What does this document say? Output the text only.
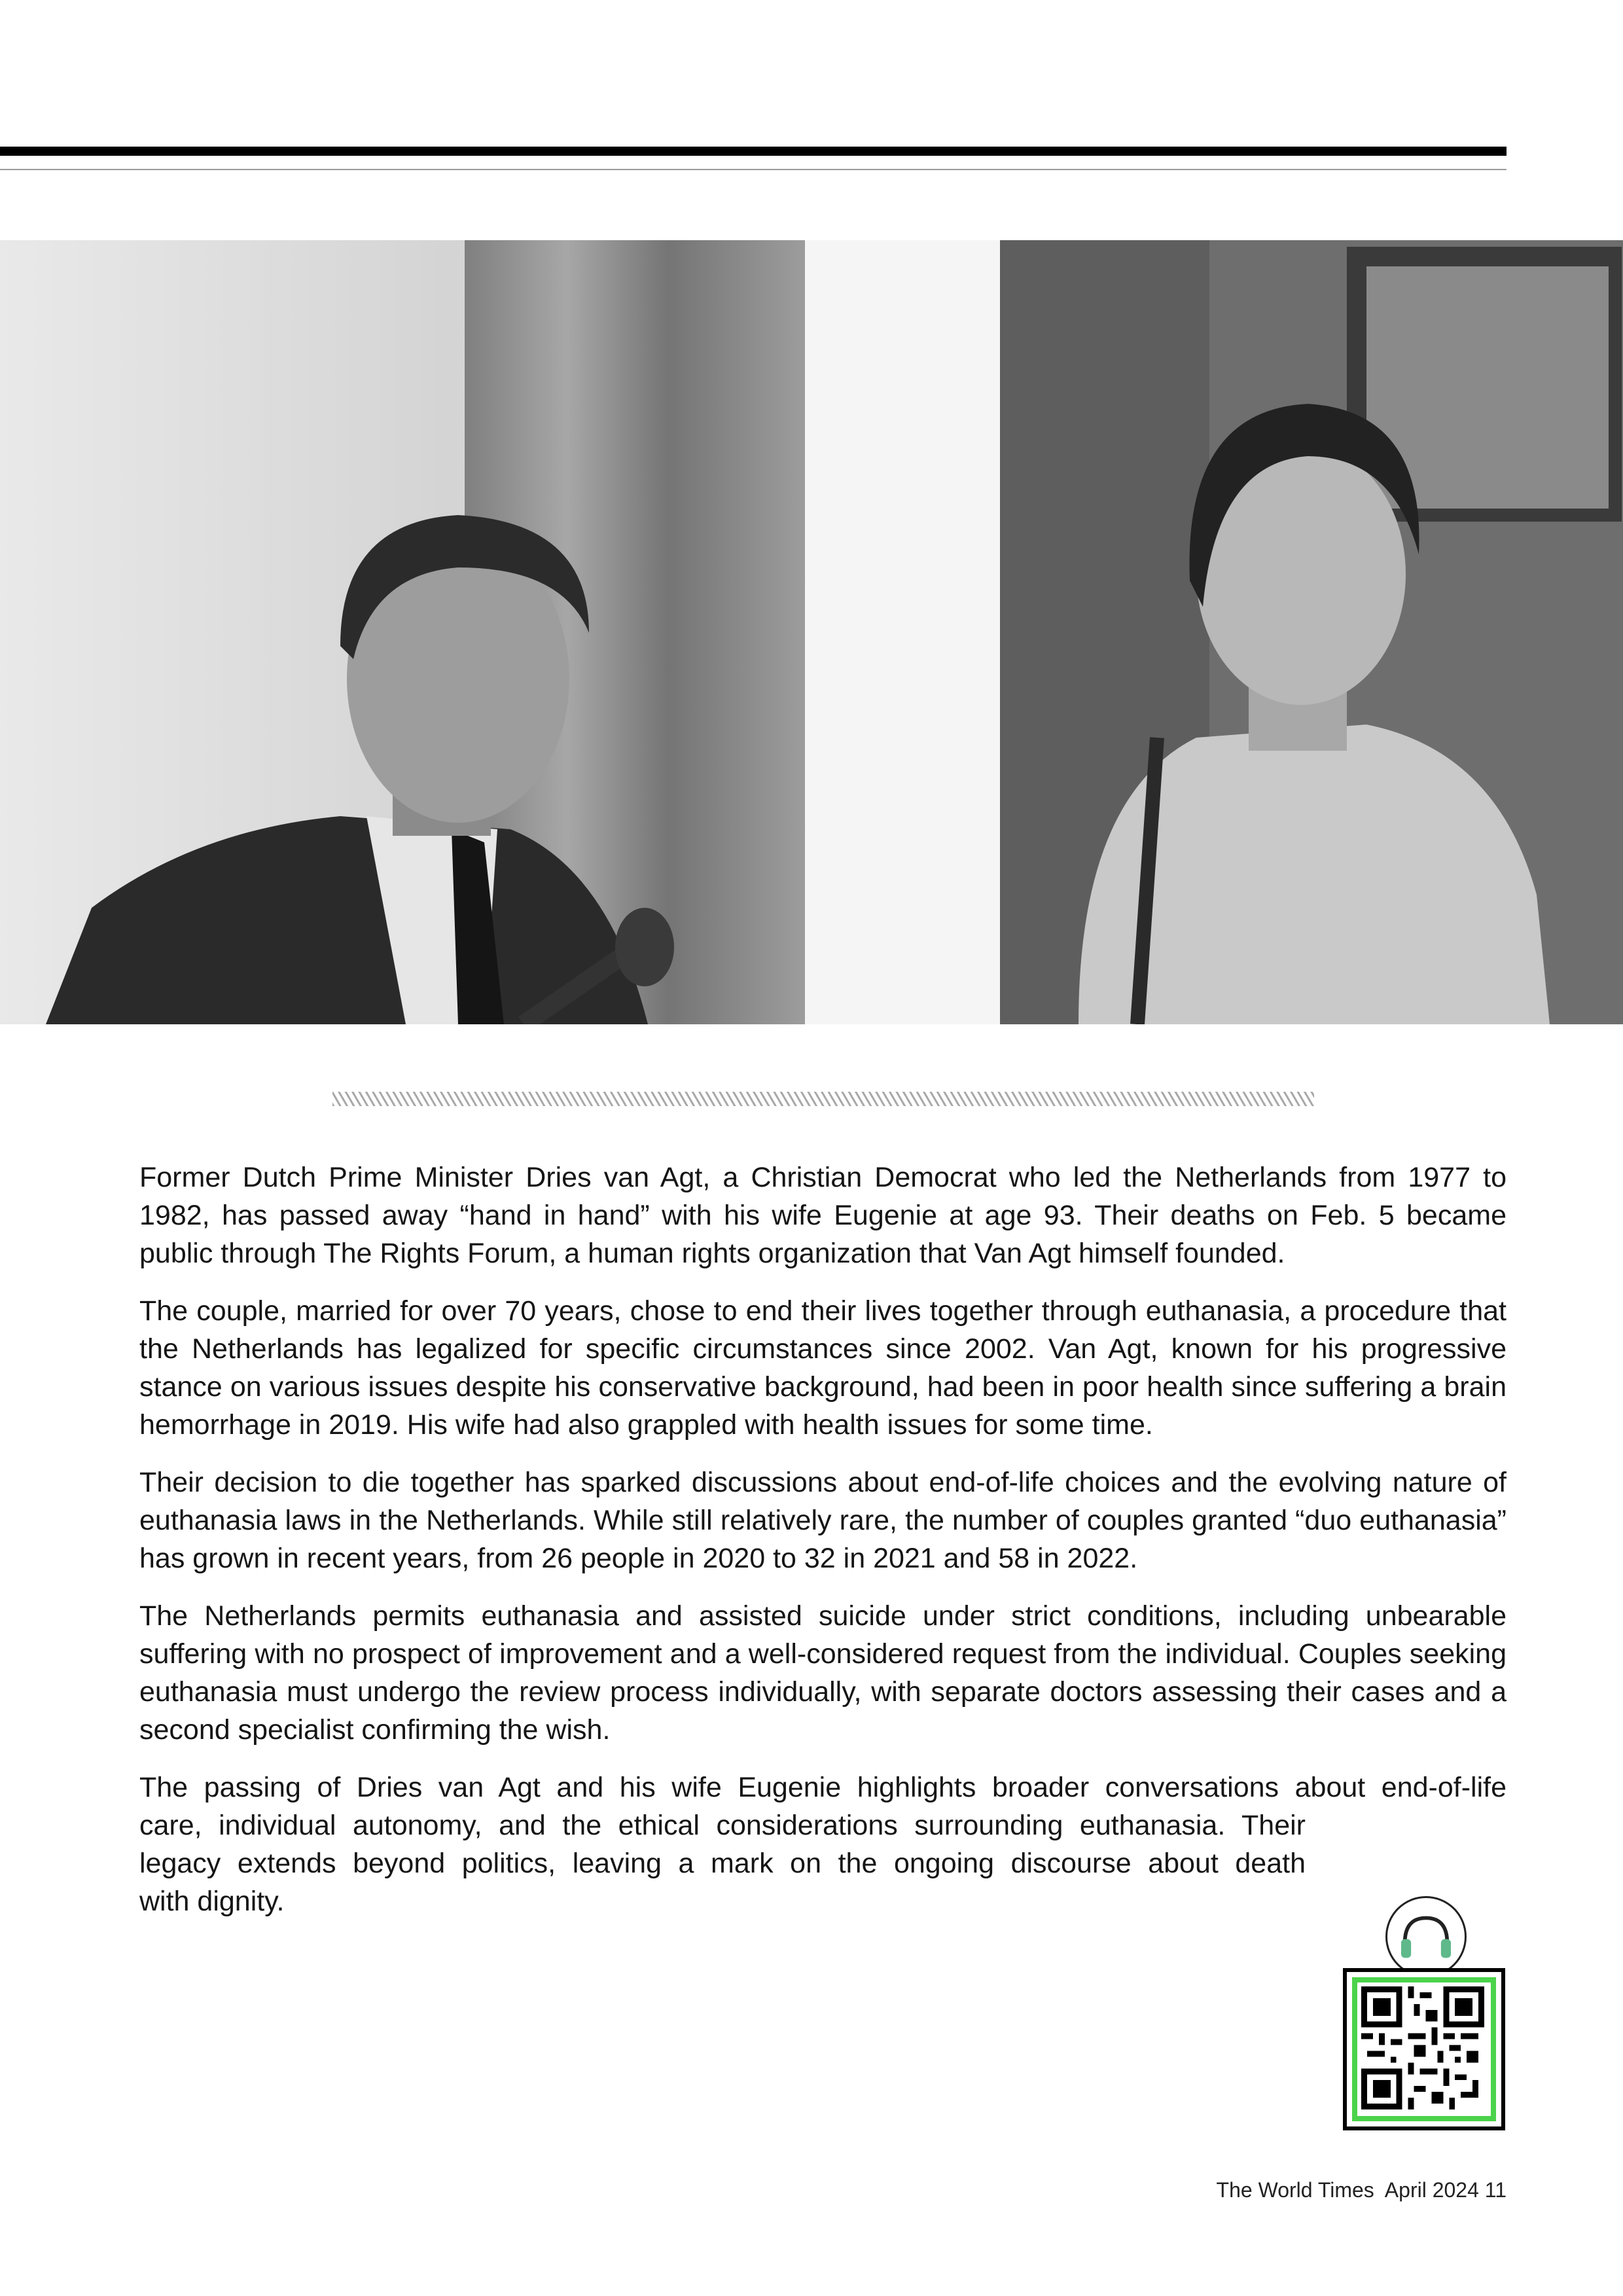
Former Dutch Prime Minister Dries van Agt, a Christian Democrat who led the Netherlands from 1977 to 1982, has passed away “hand in hand” with his wife Eugenie at age 93. Their deaths on Feb. 5 became public through The Rights Forum, a human rights organization that Van Agt himself founded.

The couple, married for over 70 years, chose to end their lives together through euthanasia, a procedure that the Netherlands has legalized for specific circumstances since 2002. Van Agt, known for his progressive stance on various issues despite his conservative background, had been in poor health since suffering a brain hemorrhage in 2019. His wife had also grappled with health issues for some time.

Their decision to die together has sparked discussions about end-of-life choices and the evolving nature of euthanasia laws in the Netherlands. While still relatively rare, the number of couples granted “duo euthanasia” has grown in recent years, from 26 people in 2020 to 32 in 2021 and 58 in 2022.

The Netherlands permits euthanasia and assisted suicide under strict conditions, including unbearable suffering with no prospect of improvement and a well-considered request from the individual. Couples seeking euthanasia must undergo the review process individually, with separate doctors assessing their cases and a second specialist confirming the wish.

The passing of Dries van Agt and his wife Eugenie highlights broader conversations about end-of-life
care, individual autonomy, and the ethical considerations surrounding euthanasia. Their
legacy extends beyond politics, leaving a mark on the ongoing discourse about death
with dignity.
The World Times April 2024 11
